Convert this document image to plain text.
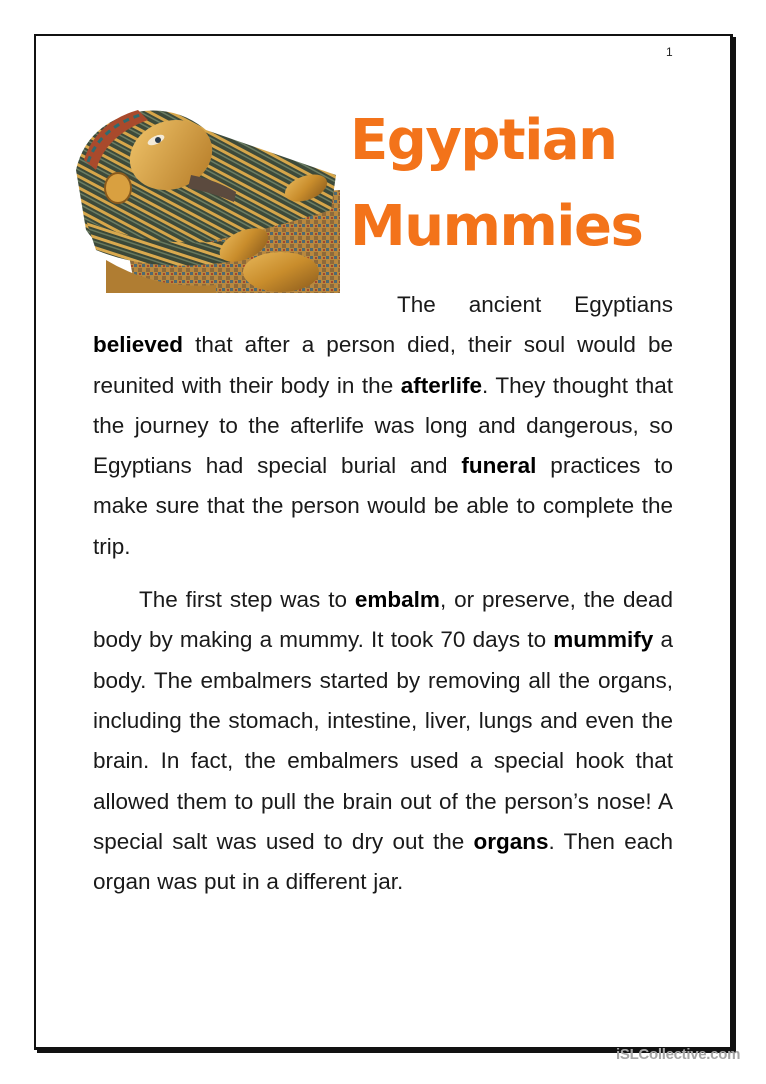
1
Egyptian
Mummies

The ancient Egyptians believed that after a person died, their soul would be reunited with their body in the afterlife. They thought that the journey to the afterlife was long and dangerous, so Egyptians had special burial and funeral practices to make sure that the person would be able to complete the trip.

The first step was to embalm, or preserve, the dead body by making a mummy. It took 70 days to mummify a body. The embalmers started by removing all the organs, including the stomach, intestine, liver, lungs and even the brain. In fact, the embalmers used a special hook that allowed them to pull the brain out of the person’s nose! A special salt was used to dry out the organs. Then each organ was put in a different jar.

iSLCollective.com
